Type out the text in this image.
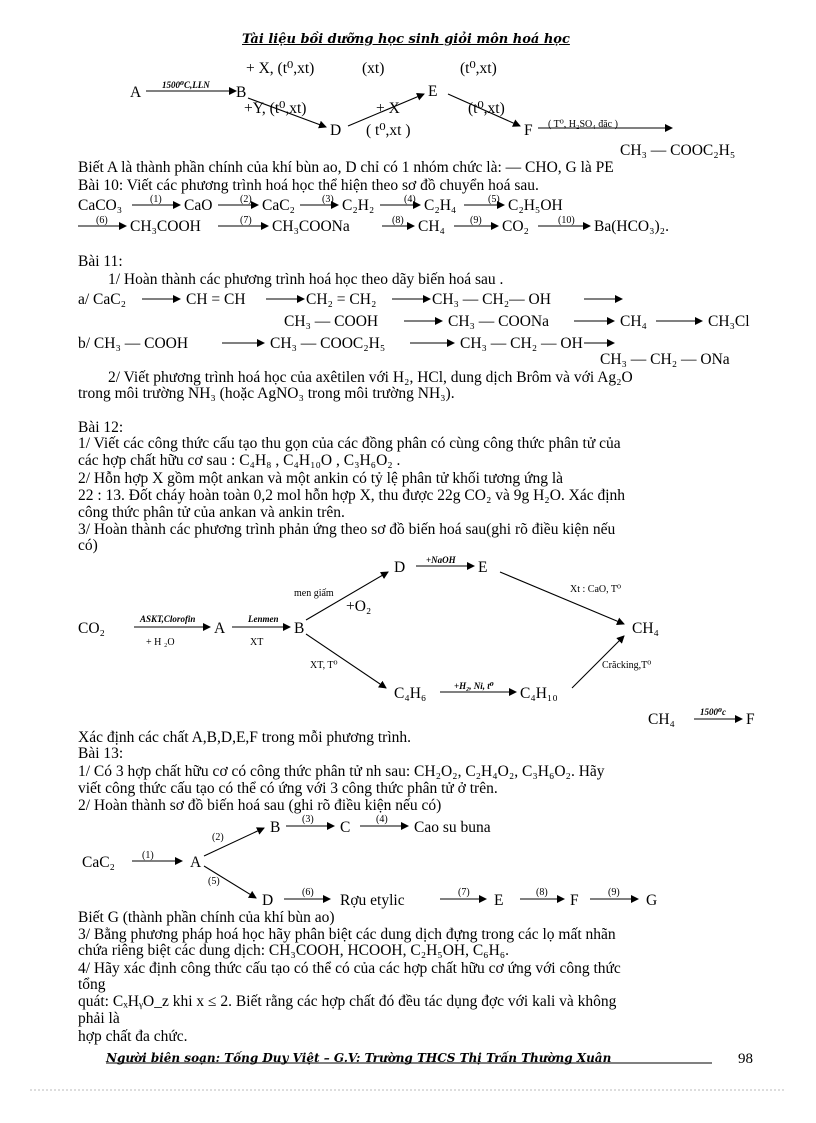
Tài liệu bồi dưỡng học sinh giỏi môn hoá học
A 1500⁰C,LLN B
+ X, (t⁰,xt)	(xt)	(t⁰,xt)
+Y, (t⁰,xt)	+ X
D ( t⁰,xt )
E
(t⁰,xt)
F ( T⁰, H₂SO₄ đặc )
CH₃ — COOC₂H₅
Biết A là thành phần chính của khí bùn ao, D chỉ có 1 nhóm chức là: — CHO, G là PE
Bài 10: Viết các phương trình hoá học thể hiện theo sơ đồ chuyển hoá sau.
CaCO₃	(1) CaO	(2) CaC₂	(3) C₂H₂	(4) C₂H₄	(5) C₂H₅OH
(6) CH₃COOH	(7) CH₃COONa	(8) CH₄	(9) CO₂	(10) Ba(HCO₃)₂.
Bài 11:
1/ Hoàn thành các phương trình hoá học theo dãy biến hoá sau .
a/ CaC₂	CH = CH	CH₂ = CH₂	CH₃ — CH₂— OH
CH₃ — COOH	CH₃ — COONa	CH₄	CH₃Cl
b/ CH₃ — COOH	CH₃ — COOC₂H₅	CH₃ — CH₂ — OH
CH₃ — CH₂ — ONa
2/ Viết phương trình hoá học của axêtilen với H₂, HCl, dung dịch Brôm và với Ag₂O
trong môi trường NH₃ (hoặc AgNO₃ trong môi trường NH₃).
Bài 12:
1/ Viết các công thức cấu tạo thu gọn của các đồng phân có cùng công thức phân tử của
các hợp chất hữu cơ sau : C₄H₈ , C₄H₁₀O , C₃H₆O₂ .
2/ Hỗn hợp X gồm một ankan và một ankin có tỷ lệ phân tử khối tương ứng là
22 : 13. Đốt cháy hoàn toàn 0,2 mol hỗn hợp X, thu được 22g CO₂ và 9g H₂O. Xác định
công thức phân tử của ankan và ankin trên.
3/ Hoàn thành các phương trình phản ứng theo sơ đồ biến hoá sau(ghi rõ điều kiện nếu
có)
CO₂
ASKT,Clorofin
+ H ₂O
A
Lenmen
XT
B
men giấm
+O₂
D +NaOH E
Xt : CaO, T⁰
CH₄
XT, T⁰
C₄H₆	+H₂, Ni, t⁰ C₄H₁₀
Crăcking,T⁰
CH₄	1500⁰c F
Xác định các chất A,B,D,E,F trong mỗi phương trình.
Bài 13:
1/ Có 3 hợp chất hữu cơ có công thức phân tử nh sau: CH₂O₂, C₂H₄O₂, C₃H₆O₂. Hãy
viết công thức cấu tạo có thể có ứng với 3 công thức phân tử ở trên.
2/ Hoàn thành sơ đồ biến hoá sau (ghi rõ điều kiện nếu có)
CaC₂	(1) A
(2)
B (3) C	(4) Cao su buna
(5)
D	(6) Rợu etylic	(7) E	(8) F	(9) G
Biết G (thành phần chính của khí bùn ao)
3/ Bằng phương pháp hoá học hãy phân biệt các dung dịch đựng trong các lọ mất nhãn
chứa riêng biệt các dung dịch: CH₃COOH, HCOOH, C₂H₅OH, C₆H₆.
4/ Hãy xác định công thức cấu tạo có thể có của các hợp chất hữu cơ ứng với công thức
tổng
quát: CₓHᵧO_z khi x ≤ 2. Biết rằng các hợp chất đó đều tác dụng đợc với kali và không
phải là
hợp chất đa chức.
Người biên soạn: Tống Duy Việt – G.V: Trường THCS Thị Trấn Thường Xuân	98
